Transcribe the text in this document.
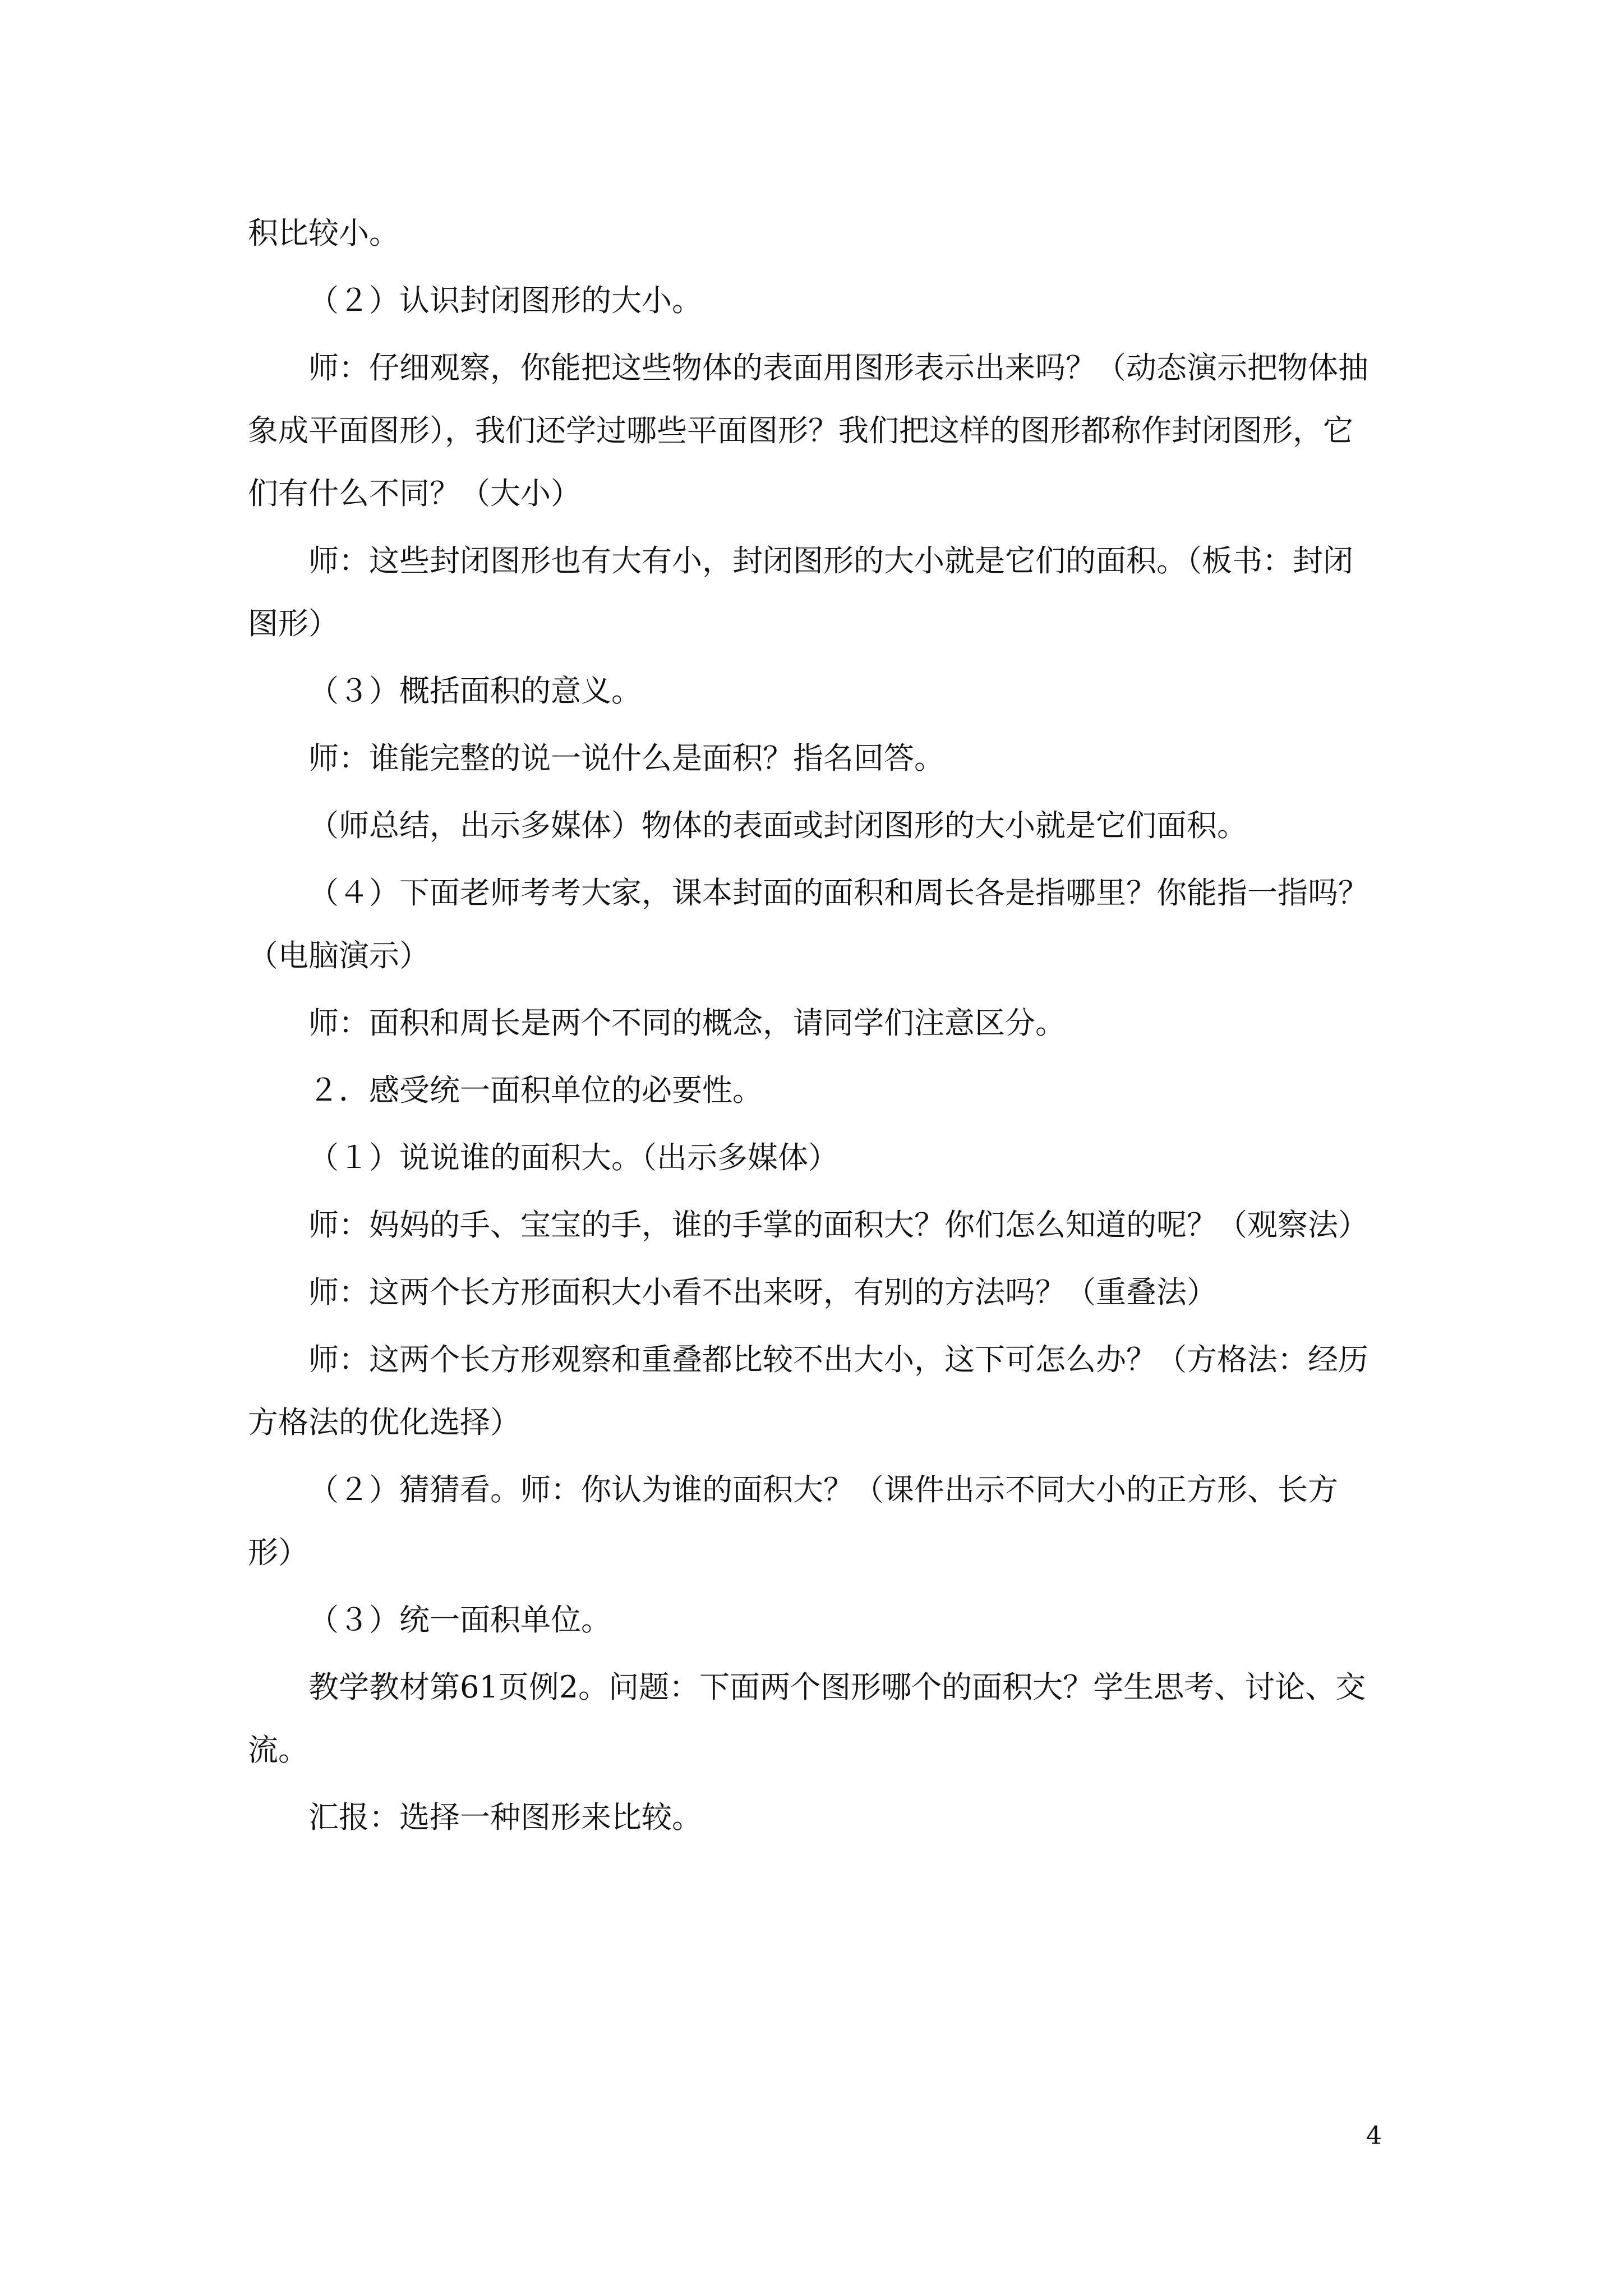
积比较小。

（２）认识封闭图形的大小。

师：仔细观察，你能把这些物体的表面用图形表示出来吗？（动态演示把物体抽象成平面图形），我们还学过哪些平面图形？我们把这样的图形都称作封闭图形，它们有什么不同？（大小）

师：这些封闭图形也有大有小，封闭图形的大小就是它们的面积。（板书：封闭图形）

（３）概括面积的意义。

师：谁能完整的说一说什么是面积？指名回答。

（师总结，出示多媒体）物体的表面或封闭图形的大小就是它们面积。

（４）下面老师考考大家，课本封面的面积和周长各是指哪里？你能指一指吗？（电脑演示）

师：面积和周长是两个不同的概念，请同学们注意区分。

２．感受统一面积单位的必要性。

（１）说说谁的面积大。（出示多媒体）

师：妈妈的手、宝宝的手，谁的手掌的面积大？你们怎么知道的呢？（观察法）

师：这两个长方形面积大小看不出来呀，有别的方法吗？（重叠法）

师：这两个长方形观察和重叠都比较不出大小，这下可怎么办？（方格法：经历方格法的优化选择）

（２）猜猜看。师：你认为谁的面积大？（课件出示不同大小的正方形、长方形）

（３）统一面积单位。

教学教材第61页例2。问题：下面两个图形哪个的面积大？学生思考、讨论、交流。

汇报：选择一种图形来比较。

4
